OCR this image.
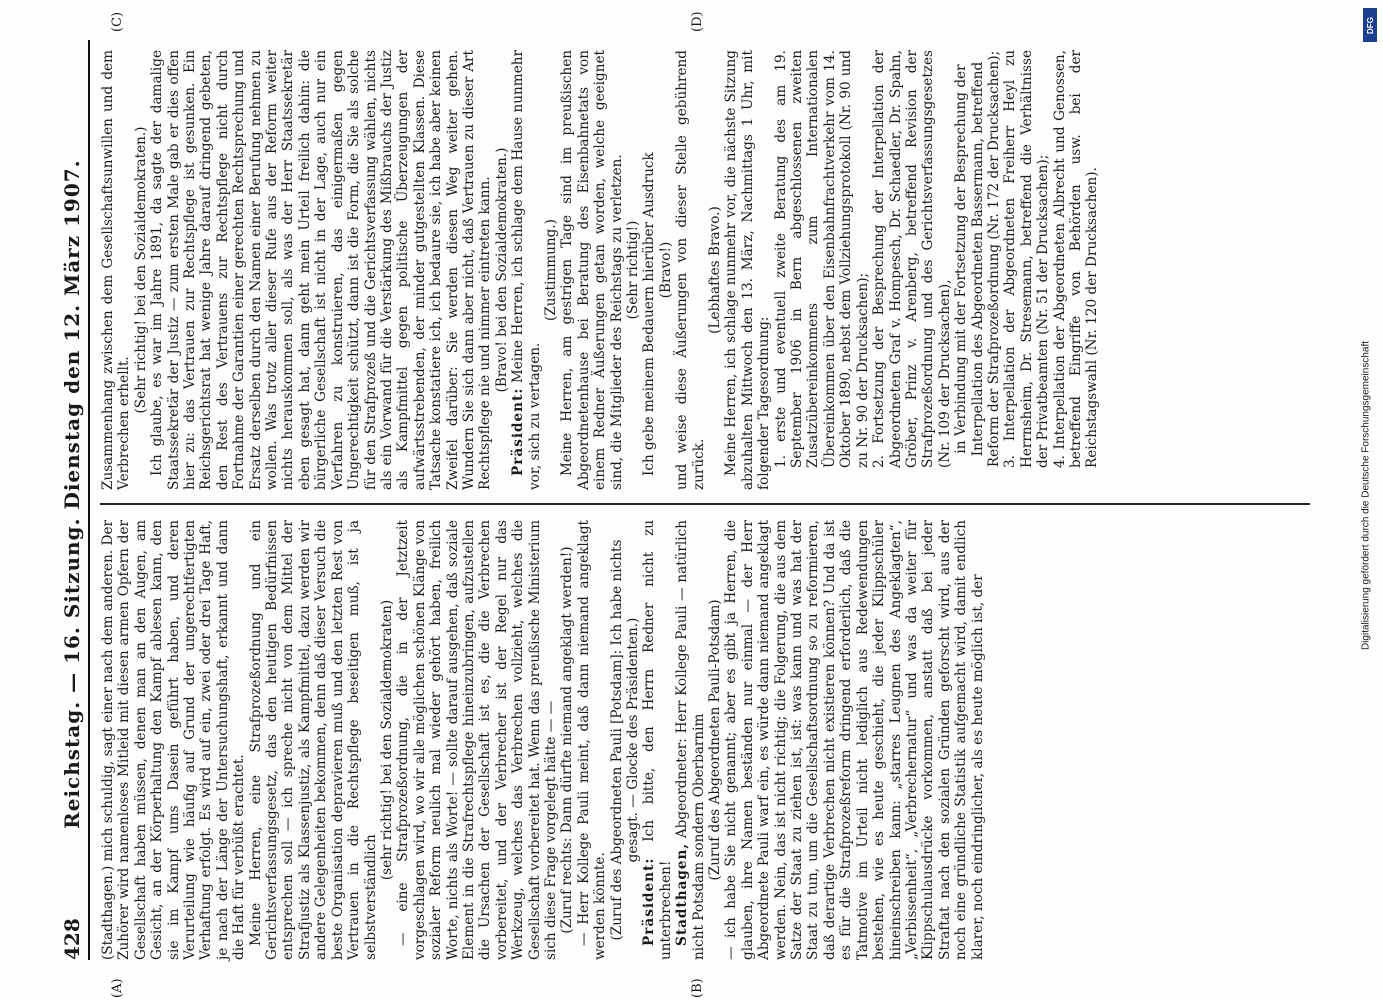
428
Reichstag. — 16. Sitzung. Dienstag den 12. März 1907.
(A)	(B)
(C)	(D)

(Stadthagen.) mich schuldig, sagt einer nach dem anderen. Der Zuhörer wird namenloses Mitleid mit diesen armen Opfern der Gesellschaft haben müssen, denen man an den Augen, am Gesicht, an der Körperhaltung den Kampf ablesen kann, den sie im Kampf ums Dasein geführt haben, und deren Verurteilung wie häufig auf Grund der ungerechtfertigten Verhaftung erfolgt. Es wird auf ein, zwei oder drei Tage Haft, je nach der Länge der Untersuchungshaft, erkannt und dann die Haft für verbüßt erachtet. Meine Herren, eine Strafprozeßordnung und ein Gerichtsverfassungsgesetz, das den heutigen Bedürfnissen entsprechen soll — ich spreche nicht von dem Mittel der Strafjustiz als Klassenjustiz, als Kampfmittel, dazu werden wir andere Gelegenheiten bekommen, denn daß dieser Versuch die beste Organisation depravieren muß und den letzten Rest von Vertrauen in die Rechtspflege beseitigen muß, ist ja selbstverständlich

(sehr richtig! bei den Sozialdemokraten) — eine Strafprozeßordnung, die in der Jetztzeit vorgeschlagen wird, wo wir alle möglichen schönen Klänge von sozialer Reform neulich mal wieder gehört haben, freilich Worte, nichts als Worte! — sollte darauf ausgehen, daß soziale Element in die Strafrechtspflege hineinzubringen, aufzustellen die Ursachen der Gesellschaft ist es, die die Verbrechen vorbereitet, und der Verbrecher ist der Regel nur das Werkzeug, welches das Verbrechen vollzieht, welches die Gesellschaft vorbereitet hat. Wenn das preußische Ministerium sich diese Frage vorgelegt hätte — — (Zuruf rechts: Dann dürfte niemand angeklagt werden!) — Herr Kollege Pauli meint, daß dann niemand angeklagt werden könnte. (Zuruf des Abgeordneten Pauli [Potsdam]: Ich habe nichts gesagt. — Glocke des Präsidenten.)

Präsident: Ich bitte, den Herrn Redner nicht zu unterbrechen! Stadthagen, Abgeordneter: Herr Kollege Pauli — natürlich nicht Potsdam sondern Oberbarnim (Zuruf des Abgeordneten Pauli-Potsdam) — ich habe Sie nicht genannt; aber es gibt ja Herren, die glauben, ihre Namen beständen nur einmal — der Herr Abgeordnete Pauli warf ein, es würde dann niemand angeklagt werden. Nein, das ist nicht richtig; die Folgerung, die aus dem Satze der Staat zu ziehen ist, ist: was kann und was hat der Staat zu tun, um die Gesellschaftsordnung so zu reformieren, daß derartige Verbrechen nicht existieren können? Und da ist es für die Strafprozeßreform dringend erforderlich, daß die Tatmotive im Urteil nicht lediglich aus Redewendungen bestehen, wie es heute geschieht, die jeder Klippschüler hineinschreiben kann: „starres Leugnen des Angeklagten“, „Verbissenheit“, „Verbrechernatur“ und was da weiter für Klippschulausdrücke vorkommen, anstatt daß bei jeder Straftat nach den sozialen Gründen geforscht wird, aus der noch eine gründliche Statistik aufgemacht wird, damit endlich klarer, noch eindringlicher, als es heute möglich ist, der

Zusammenhang zwischen dem Gesellschaftsunwillen und dem Verbrechen erhellt.

(Sehr richtig! bei den Sozialdemokraten.) Ich glaube, es war im Jahre 1891, da sagte der damalige Staatssekretär der Justiz — zum ersten Male gab er dies offen hier zu: das Vertrauen zur Rechtspflege ist gesunken. Ein Reichsgerichtsrat hat wenige Jahre darauf dringend gebeten, den Rest des Vertrauens zur Rechtspflege nicht durch Fortnahme der Garantien einer gerechten Rechtsprechung und Ersatz derselben durch den Namen einer Berufung nehmen zu wollen. Was trotz aller dieser Rufe aus der Reform weiter nichts herauskommen soll, als was der Herr Staatssekretär eben gesagt hat, dann geht mein Urteil freilich dahin: die bürgerliche Gesellschaft ist nicht in der Lage, auch nur ein Verfahren zu konstruieren, das einigermaßen gegen Ungerechtigkeit schützt, dann ist die Form, die Sie als solche für den Strafprozeß und die Gerichtsverfassung wählen, nichts als ein Vorwand für die Verstärkung des Mißbrauchs der Justiz als Kampfmittel gegen politische Überzeugungen der aufwärtsstrebenden, der minder gutgestellten Klassen. Diese Tatsache konstatiere ich, ich bedaure sie, ich habe aber keinen Zweifel darüber: Sie werden diesen Weg weiter gehen. Wundern Sie sich dann aber nicht, daß Vertrauen zu dieser Art Rechtspflege nie und nimmer eintreten kann. (Bravo! bei den Sozialdemokraten.)

Präsident: Meine Herren, ich schlage dem Hause nunmehr vor, sich zu vertagen.

(Zustimmung.) Meine Herren, am gestrigen Tage sind im preußischen Abgeordnetenhause bei Beratung des Eisenbahnetats von einem Redner Äußerungen getan worden, welche geeignet sind, die Mitglieder des Reichstags zu verletzen. (Sehr richtig!) Ich gebe meinem Bedauern hierüber Ausdruck (Bravo!) und weise diese Äußerungen von dieser Stelle gebührend zurück.

(Lebhaftes Bravo.) Meine Herren, ich schlage nunmehr vor, die nächste Sitzung abzuhalten Mittwoch den 13. März, Nachmittags 1 Uhr, mit folgender Tagesordnung: 1. erste und eventuell zweite Beratung des am 19. September 1906 in Bern abgeschlossenen zweiten Zusatzübereinkommens zum Internationalen Übereinkommen über den Eisenbahnfrachtverkehr vom 14. Oktober 1890, nebst dem Vollziehungsprotokoll (Nr. 90 und zu Nr. 90 der Drucksachen); 2. Fortsetzung der Besprechung der Interpellation der Abgeordneten Graf v. Hompesch, Dr. Schaedler, Dr. Spahn, Gröber, Prinz v. Arenberg, betreffend Revision der Strafprozeßordnung und des Gerichtsverfassungsgesetzes (Nr. 109 der Drucksachen), in Verbindung mit der Fortsetzung der Besprechung der Interpellation des Abgeordneten Bassermann, betreffend Reform der Strafprozeßordnung (Nr. 172 der Drucksachen); 3. Interpellation der Abgeordneten Freiherr Heyl zu Herrnsheim, Dr. Stresemann, betreffend die Verhältnisse der Privatbeamten (Nr. 51 der Drucksachen); 4. Interpellation der Abgeordneten Albrecht und Genossen, betreffend Eingriffe von Behörden usw. bei der Reichstagswahl (Nr. 120 der Drucksachen).

DFG
Digitalisierung gefördert durch die Deutsche Forschungsgemeinschaft
